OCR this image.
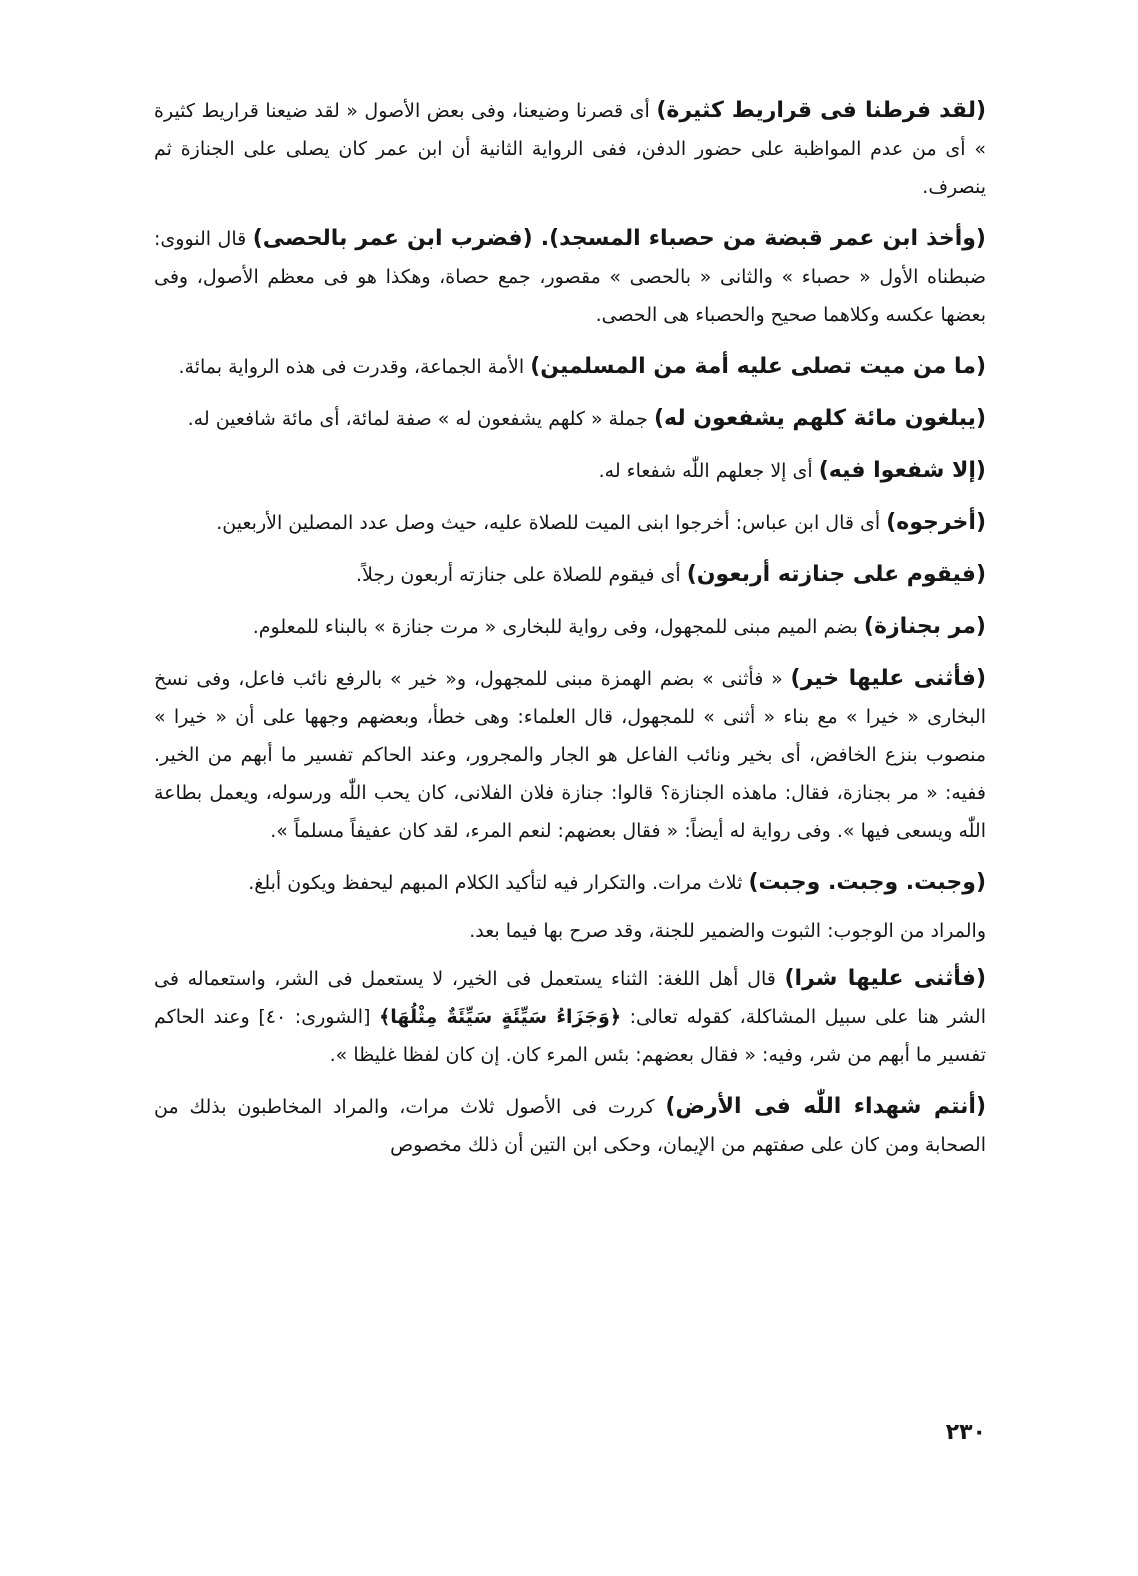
(لقد فرطنا فى قراريط كثيرة) أى قصرنا وضيعنا، وفى بعض الأصول « لقد ضيعنا قراريط كثيرة » أى من عدم المواظبة على حضور الدفن، ففى الرواية الثانية أن ابن عمر كان يصلى على الجنازة ثم ينصرف.

(وأخذ ابن عمر قبضة من حصباء المسجد). (فضرب ابن عمر بالحصى) قال النووى: ضبطناه الأول « حصباء » والثانى « بالحصى » مقصور، جمع حصاة، وهكذا هو فى معظم الأصول، وفى بعضها عكسه وكلاهما صحيح والحصباء هى الحصى.

(ما من ميت تصلى عليه أمة من المسلمين) الأمة الجماعة، وقدرت فى هذه الرواية بمائة.

(يبلغون مائة كلهم يشفعون له) جملة « كلهم يشفعون له » صفة لمائة، أى مائة شافعين له.

(إلا شفعوا فيه) أى إلا جعلهم اللّٰه شفعاء له.

(أخرجوه) أى قال ابن عباس: أخرجوا ابنى الميت للصلاة عليه، حيث وصل عدد المصلين الأربعين.

(فيقوم على جنازته أربعون) أى فيقوم للصلاة على جنازته أربعون رجلاً.

(مر بجنازة) بضم الميم مبنى للمجهول، وفى رواية للبخارى « مرت جنازة » بالبناء للمعلوم.

(فأثنى عليها خير) « فأثنى » بضم الهمزة مبنى للمجهول، و« خير » بالرفع نائب فاعل، وفى نسخ البخارى « خيرا » مع بناء « أثنى » للمجهول، قال العلماء: وهى خطأ، وبعضهم وجهها على أن « خيرا » منصوب بنزع الخافض، أى بخير ونائب الفاعل هو الجار والمجرور، وعند الحاكم تفسير ما أبهم من الخير. ففيه: « مر بجنازة، فقال: ماهذه الجنازة؟ قالوا: جنازة فلان الفلانى، كان يحب اللّٰه ورسوله، ويعمل بطاعة اللّٰه ويسعى فيها ». وفى رواية له أيضاً: « فقال بعضهم: لنعم المرء، لقد كان عفيفاً مسلماً ».

(وجبت. وجبت. وجبت) ثلاث مرات. والتكرار فيه لتأكيد الكلام المبهم ليحفظ ويكون أبلغ.

والمراد من الوجوب: الثبوت والضمير للجنة، وقد صرح بها فيما بعد.

(فأثنى عليها شرا) قال أهل اللغة: الثناء يستعمل فى الخير، لا يستعمل فى الشر، واستعماله فى الشر هنا على سبيل المشاكلة، كقوله تعالى: ﴿وَجَزَاءُ سَيِّئَةٍ سَيِّئَةٌ مِثْلُهَا﴾ [الشورى: ٤٠] وعند الحاكم تفسير ما أبهم من شر، وفيه: « فقال بعضهم: بئس المرء كان. إن كان لفظا غليظا ».

(أنتم شهداء اللّٰه فى الأرض) كررت فى الأصول ثلاث مرات، والمراد المخاطبون بذلك من الصحابة ومن كان على صفتهم من الإيمان، وحكى ابن التين أن ذلك مخصوص

٢٣٠
